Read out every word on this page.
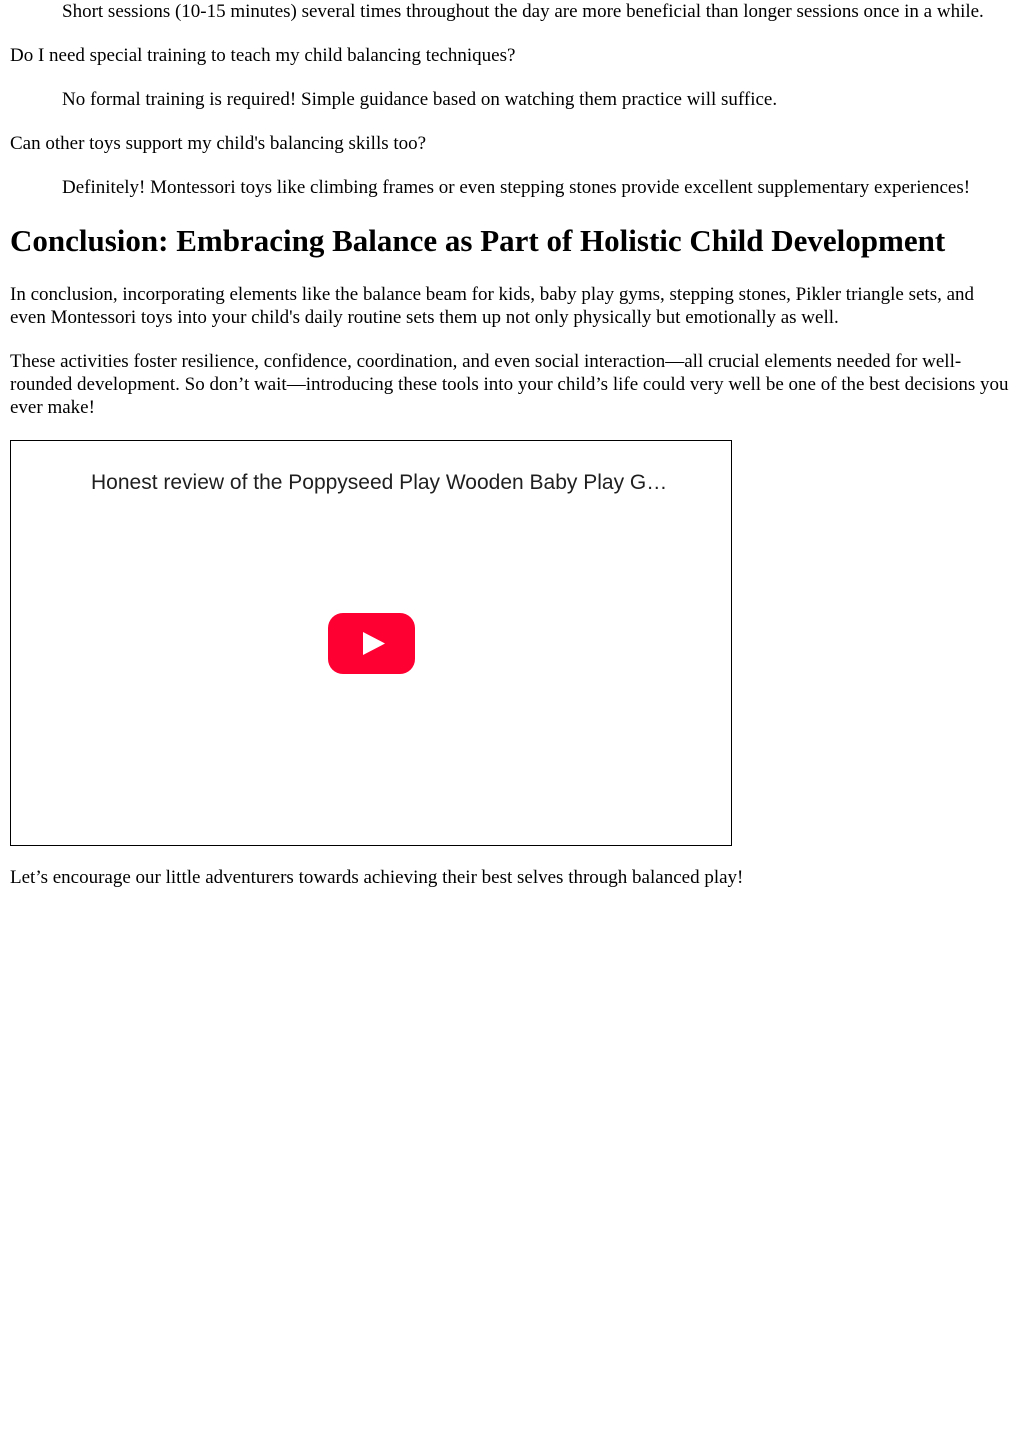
Short sessions (10-15 minutes) several times throughout the day are more beneficial than longer sessions once in a while.

Do I need special training to teach my child balancing techniques?

No formal training is required! Simple guidance based on watching them practice will suffice.

Can other toys support my child's balancing skills too?

Definitely! Montessori toys like climbing frames or even stepping stones provide excellent supplementary experiences!

Conclusion: Embracing Balance as Part of Holistic Child Development

In conclusion, incorporating elements like the balance beam for kids, baby play gyms, stepping stones, Pikler triangle sets, and even Montessori toys into your child's daily routine sets them up not only physically but emotionally as well.

These activities foster resilience, confidence, coordination, and even social interaction—all crucial elements needed for well-rounded development. So don’t wait—introducing these tools into your child’s life could very well be one of the best decisions you ever make!

Honest review of the Poppyseed Play Wooden Baby Play G…

Let’s encourage our little adventurers towards achieving their best selves through balanced play!
